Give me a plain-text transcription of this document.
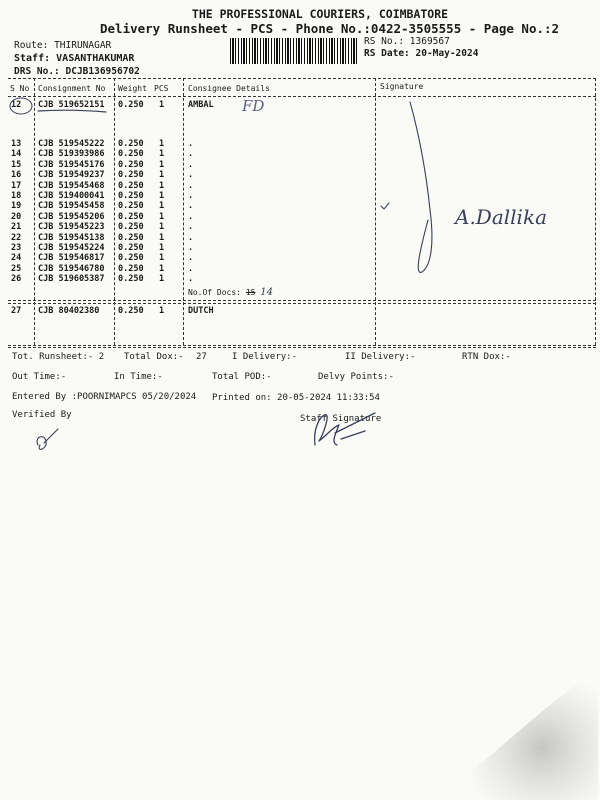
THE PROFESSIONAL COURIERS, COIMBATORE
Delivery Runsheet - PCS - Phone No.:0422-3505555 - Page No.:2
Route: THIRUNAGAR
Staff: VASANTHAKUMAR
DRS No.: DCJB136956702
RS No.: 1369567
RS Date: 20-May-2024
S No Consignment No Weight PCS Consignee Details	Signature
12 CJB 519652151 0.250 1	AMBAL
13 CJB 519545222 0.250 1	.
14 CJB 519393986 0.250 1	.
15 CJB 519545176 0.250 1	.
16 CJB 519549237 0.250 1	.
17 CJB 519545468 0.250 1	.
18 CJB 519400041 0.250 1	.
19 CJB 519545458 0.250 1	.
20 CJB 519545206 0.250 1	.
21 CJB 519545223 0.250 1	.
22 CJB 519545138 0.250 1	.
23 CJB 519545224 0.250 1	.
24 CJB 519546817 0.250 1	.
25 CJB 519546780 0.250 1	.
26 CJB 519605387 0.250 1	.
No.Of Docs: 15 14
27 CJB 80402380 0.250 1	DUTCH
FD
A.Dallika
Tot. Runsheet:- 2 Total Dox:- 27	I Delivery:-	II Delivery:-	RTN Dox:-
Out Time:-	In Time:-	Total POD:-	Delvy Points:-
Entered By :POORNIMAPCS 05/20/2024 Printed on: 20-05-2024 11:33:54
Verified By	Staff Signature
